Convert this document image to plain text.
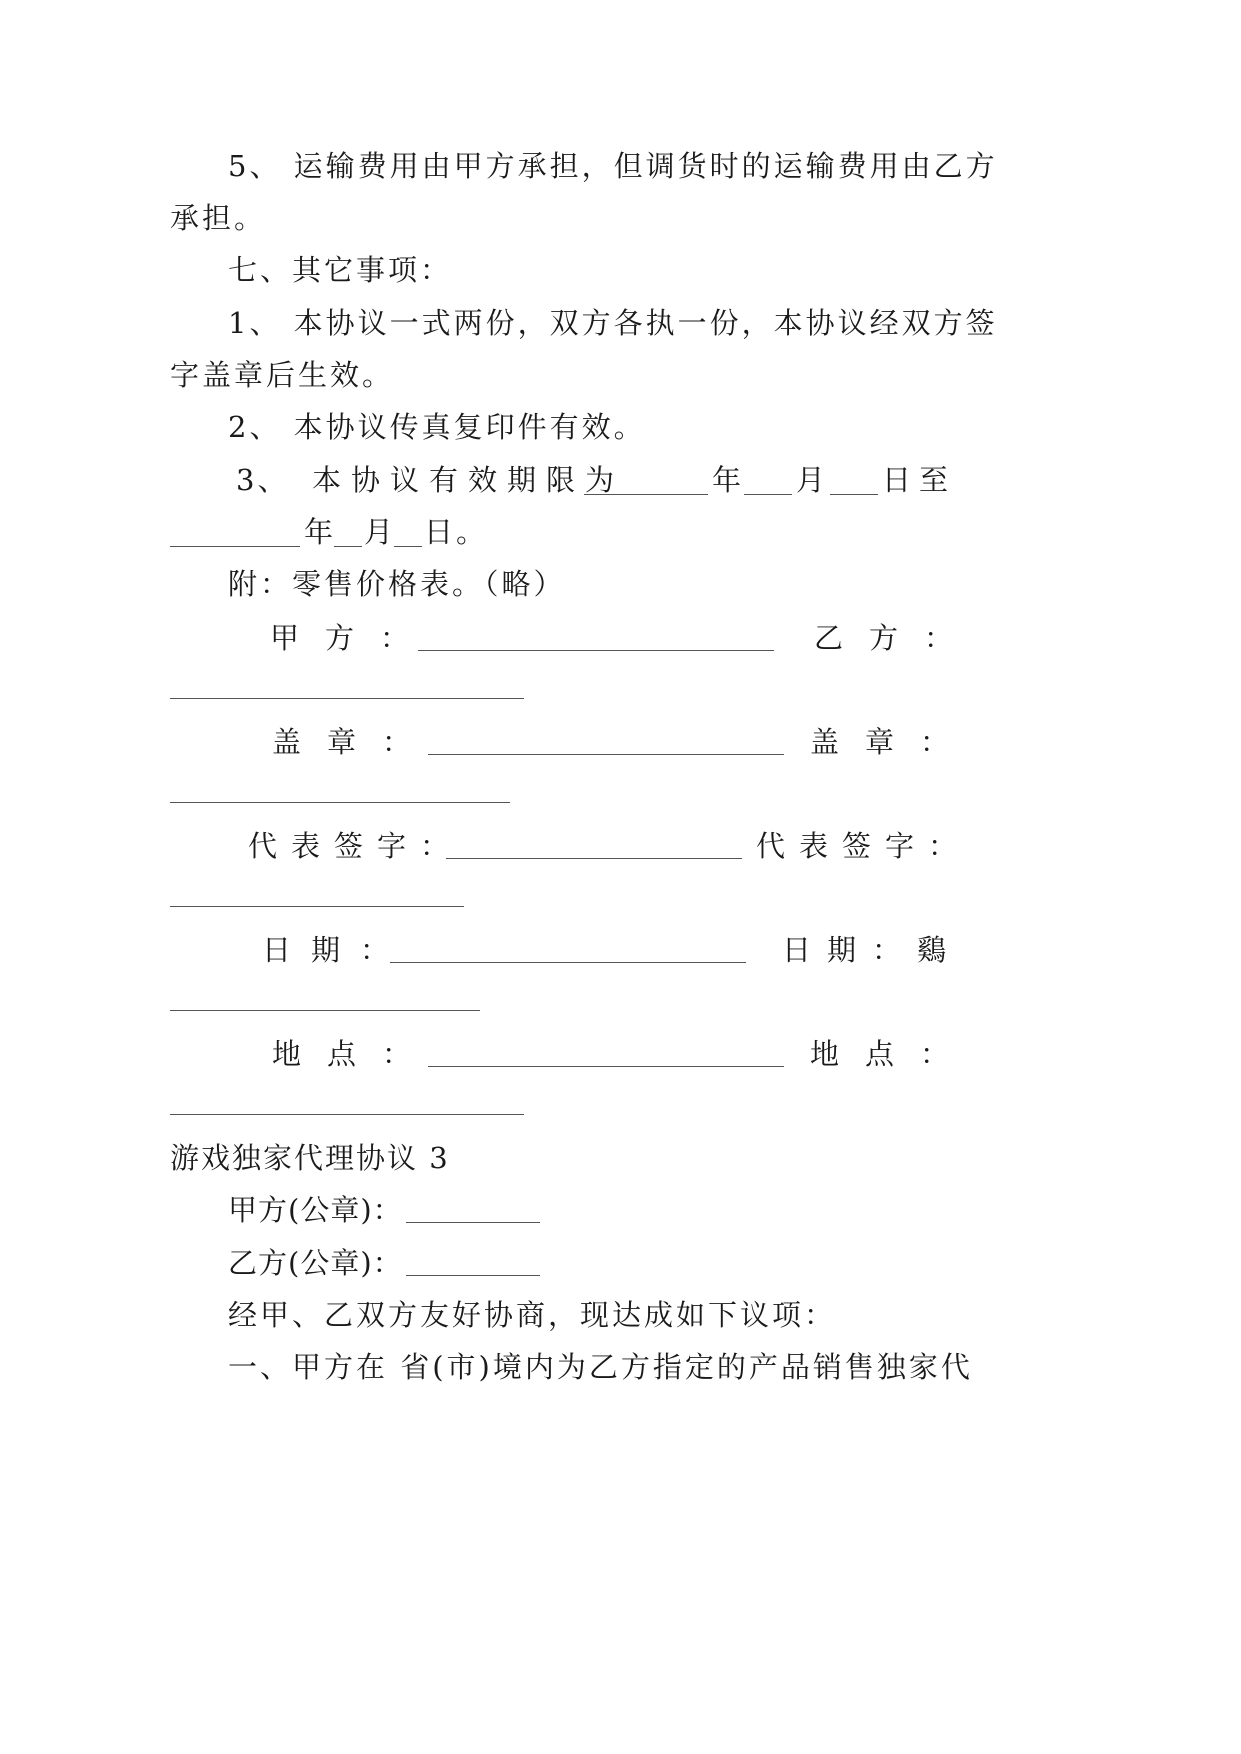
5、 运输费用由甲方承担，但调货时的运输费用由乙方
承担。
七、其它事项：
1、 本协议一式两份，双方各执一份，本协议经双方签
字盖章后生效。
2、 本协议传真复印件有效。
3、 本协议有效期限为	年 月 日至
年 月 日。
附：零售价格表。（略）
甲方：	乙方：
盖章：	盖章：
代表签字：	代表签字：
日期：	日期：鷄
地点：	地点：
游戏独家代理协议 3
甲方(公章)：
乙方(公章)：
经甲、乙双方友好协商，现达成如下议项：
一、甲方在 省(市)境内为乙方指定的产品销售独家代
